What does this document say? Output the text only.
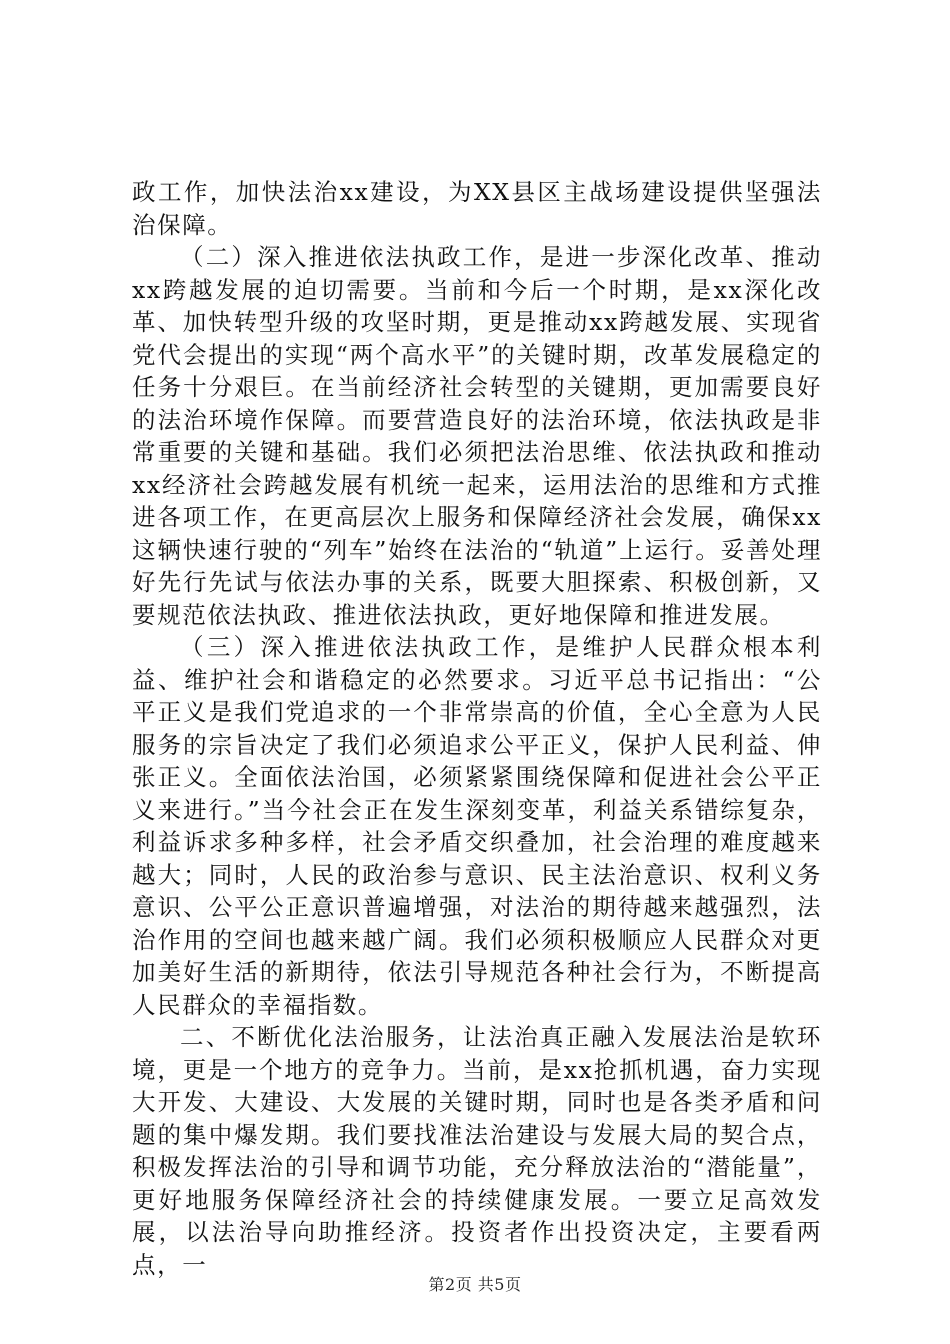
政工作，加快法治xx建设，为XX县区主战场建设提供坚强法治保障。

（二）深入推进依法执政工作，是进一步深化改革、推动xx跨越发展的迫切需要。当前和今后一个时期，是xx深化改革、加快转型升级的攻坚时期，更是推动xx跨越发展、实现省党代会提出的实现“两个高水平”的关键时期，改革发展稳定的任务十分艰巨。在当前经济社会转型的关键期，更加需要良好的法治环境作保障。而要营造良好的法治环境，依法执政是非常重要的关键和基础。我们必须把法治思维、依法执政和推动xx经济社会跨越发展有机统一起来，运用法治的思维和方式推进各项工作，在更高层次上服务和保障经济社会发展，确保xx这辆快速行驶的“列车”始终在法治的“轨道”上运行。妥善处理好先行先试与依法办事的关系，既要大胆探索、积极创新，又要规范依法执政、推进依法执政，更好地保障和推进发展。

（三）深入推进依法执政工作，是维护人民群众根本利益、维护社会和谐稳定的必然要求。习近平总书记指出：“公平正义是我们党追求的一个非常崇高的价值，全心全意为人民服务的宗旨决定了我们必须追求公平正义，保护人民利益、伸张正义。全面依法治国，必须紧紧围绕保障和促进社会公平正义来进行。”当今社会正在发生深刻变革，利益关系错综复杂，利益诉求多种多样，社会矛盾交织叠加，社会治理的难度越来越大；同时，人民的政治参与意识、民主法治意识、权利义务意识、公平公正意识普遍增强，对法治的期待越来越强烈，法治作用的空间也越来越广阔。我们必须积极顺应人民群众对更加美好生活的新期待，依法引导规范各种社会行为，不断提高人民群众的幸福指数。

二、不断优化法治服务，让法治真正融入发展法治是软环境，更是一个地方的竞争力。当前，是xx抢抓机遇，奋力实现大开发、大建设、大发展的关键时期，同时也是各类矛盾和问题的集中爆发期。我们要找准法治建设与发展大局的契合点，积极发挥法治的引导和调节功能，充分释放法治的“潜能量”，更好地服务保障经济社会的持续健康发展。一要立足高效发展，以法治导向助推经济。投资者作出投资决定，主要看两点，一

第2页 共5页
